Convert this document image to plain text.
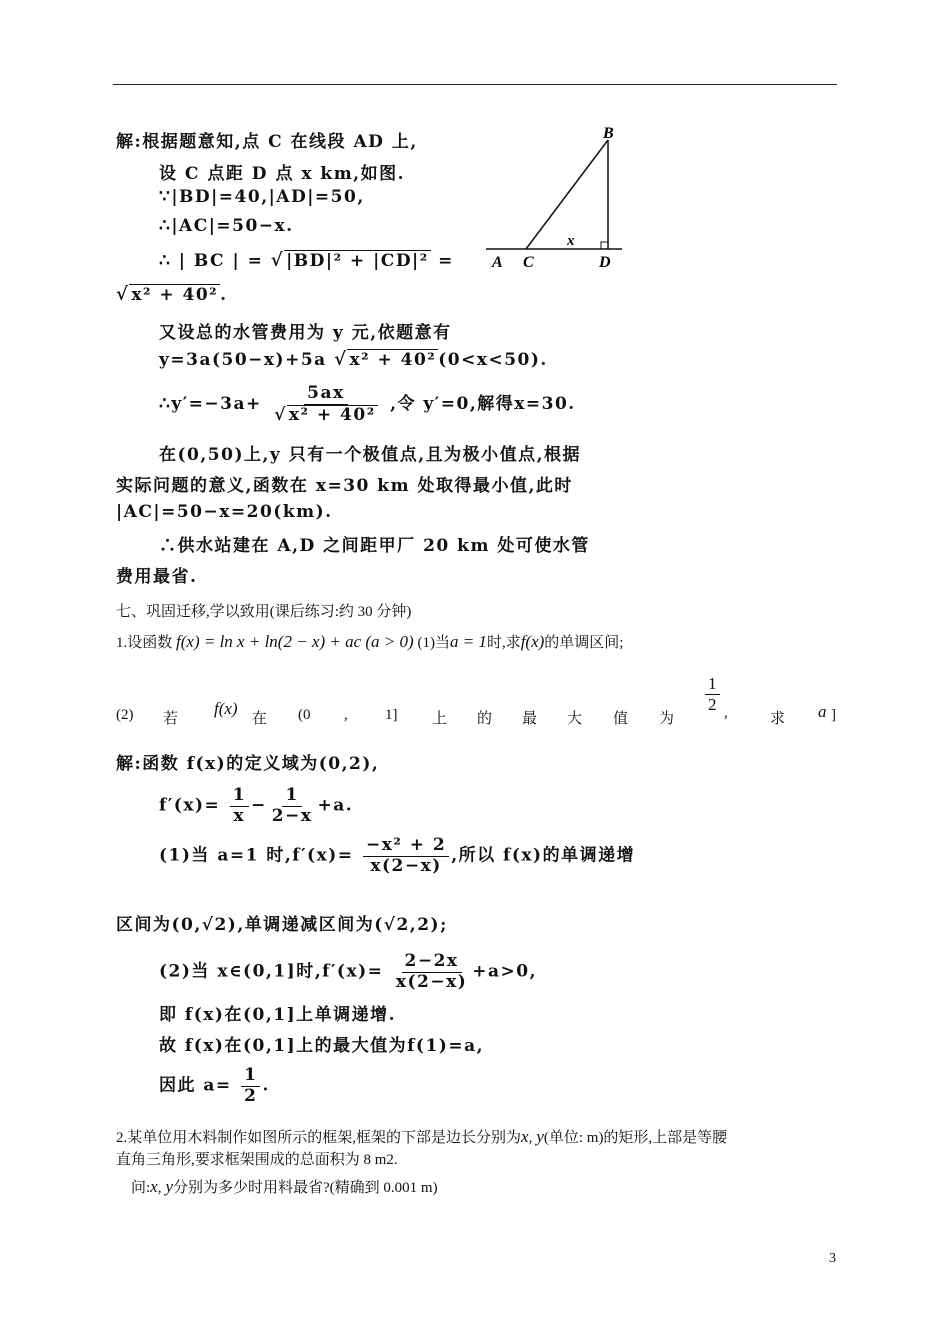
解:根据题意知,点 C 在线段 AD 上,
设 C 点距 D 点 x km,如图.
∵|BD|=40,|AD|=50,
∴|AC|=50−x.
∴ | BC | = √ |BD|² + |CD|² =
√ x² + 40² .
又设总的水管费用为 y 元,依题意有
y=3a(50−x)+5a √ x² + 40² (0<x<50).
∴y′=−3a+ $\frac{5ax}{\text{√ x² + 40²}}$ ,令 y′=0,解得x=30.
在(0,50)上,y 只有一个极值点,且为极小值点,根据
实际问题的意义,函数在 x=30 km 处取得最小值,此时
|AC|=50−x=20(km).
∴供水站建在 A,D 之间距甲厂 20 km 处可使水管
费用最省.
B
A C	D
x
七、巩固迁移,学以致用(课后练习:约 30 分钟)
1.设函数 f(x) = ln x + ln(2 − x) + ac (a > 0) (1)当a = 1时,求f(x)的单调区间;
(2) 若
f(x)
在 (0 , 1] 上 的 最 大 值 为
$\frac{1}{2}$ ,	求 a ]
解:函数 f(x)的定义域为(0,2),
$f'(x)= \frac{1}{x} - \frac{1}{2-x} +a$.
(1)当 a=1 时$,f'(x)= \frac{\text{−x² + 2}}{x(2-x)}$ ,所以 f(x)的单调递增
区间为(0,√2),单调递减区间为(√2,2);
(2)当 x∈(0,1]时$,f'(x)= \frac{2-2x}{x(2-x)} +a>0$,
即 f(x)在(0,1]上单调递增.
故 f(x)在(0,1]上的最大值为f(1)=a,
因此 $a= \frac{1}{2}$ .
2.某单位用木料制作如图所示的框架,框架的下部是边长分别为x, y(单位: m)的矩形,上部是等腰
直角三角形,要求框架围成的总面积为 8 m2.
问:x, y分别为多少时用料最省?(精确到 0.001 m)
3
